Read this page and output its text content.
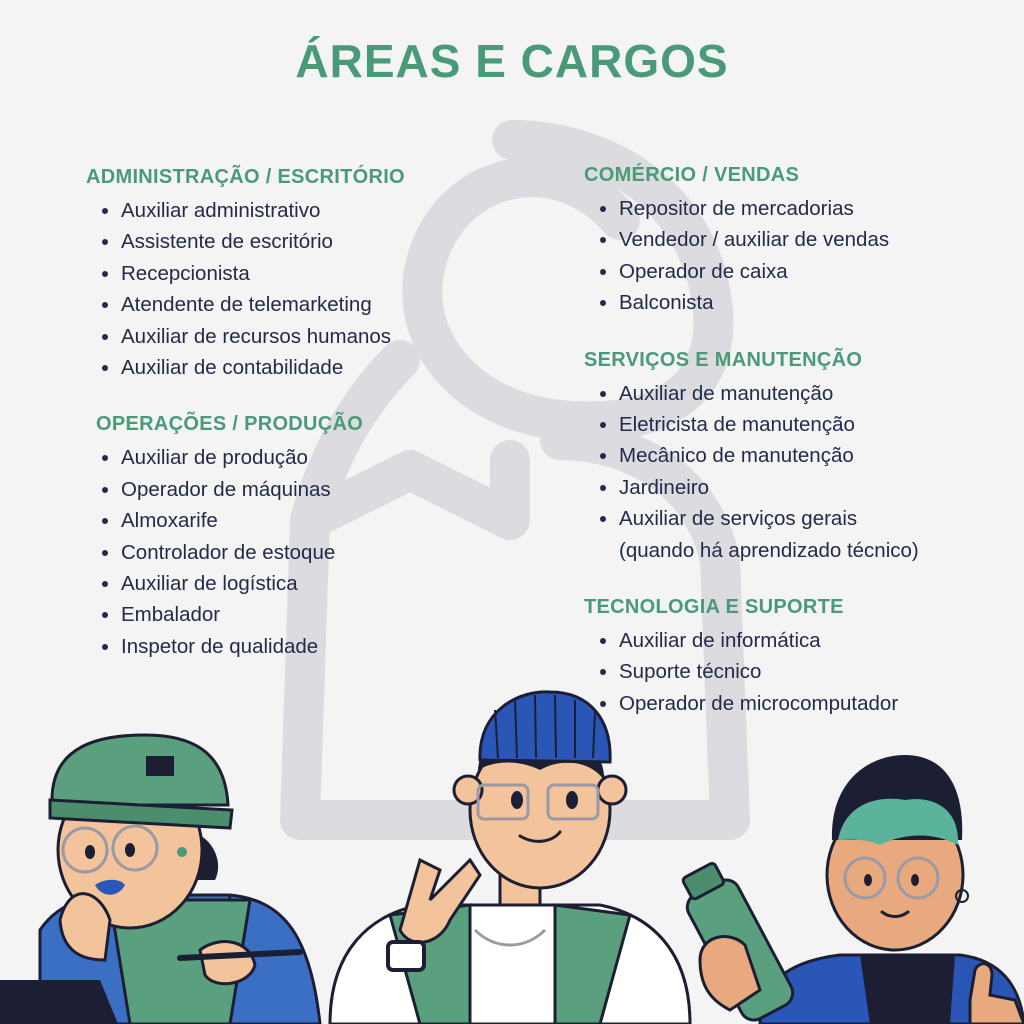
ÁREAS E CARGOS
ADMINISTRAÇÃO / ESCRITÓRIO
Auxiliar administrativo
Assistente de escritório
Recepcionista
Atendente de telemarketing
Auxiliar de recursos humanos
Auxiliar de contabilidade
OPERAÇÕES / PRODUÇÃO
Auxiliar de produção
Operador de máquinas
Almoxarife
Controlador de estoque
Auxiliar de logística
Embalador
Inspetor de qualidade
COMÉRCIO / VENDAS
Repositor de mercadorias
Vendedor / auxiliar de vendas
Operador de caixa
Balconista
SERVIÇOS E MANUTENÇÃO
Auxiliar de manutenção
Eletricista de manutenção
Mecânico de manutenção
Jardineiro
Auxiliar de serviços gerais
(quando há aprendizado técnico)
TECNOLOGIA E SUPORTE
Auxiliar de informática
Suporte técnico
Operador de microcomputador
